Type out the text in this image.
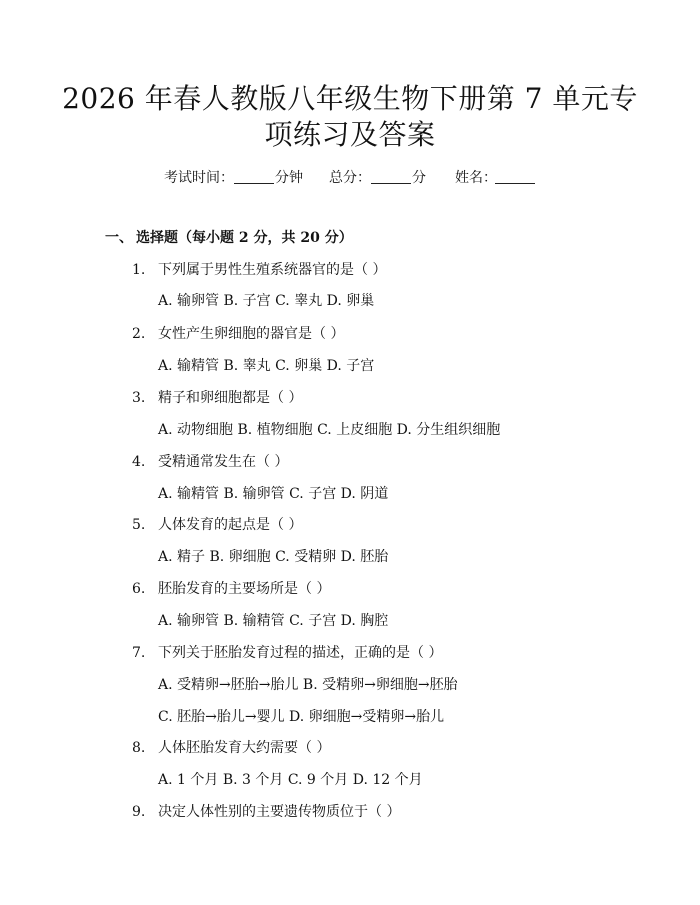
2026 年春人教版八年级生物下册第 7 单元专
项练习及答案
考试时间：	分钟 总分：	分 姓名：
一、 选择题（每小题 2 分，共 20 分）
1. 下列属于男性生殖系统器官的是（ ）
A. 输卵管 B. 子宫 C. 睾丸 D. 卵巢
2. 女性产生卵细胞的器官是（ ）
A. 输精管 B. 睾丸 C. 卵巢 D. 子宫
3. 精子和卵细胞都是（ ）
A. 动物细胞 B. 植物细胞 C. 上皮细胞 D. 分生组织细胞
4. 受精通常发生在（ ）
A. 输精管 B. 输卵管 C. 子宫 D. 阴道
5. 人体发育的起点是（ ）
A. 精子 B. 卵细胞 C. 受精卵 D. 胚胎
6. 胚胎发育的主要场所是（ ）
A. 输卵管 B. 输精管 C. 子宫 D. 胸腔
7. 下列关于胚胎发育过程的描述，正确的是（ ）
A. 受精卵→胚胎→胎儿 B. 受精卵→卵细胞→胚胎
C. 胚胎→胎儿→婴儿 D. 卵细胞→受精卵→胎儿
8. 人体胚胎发育大约需要（ ）
A. 1 个月 B. 3 个月 C. 9 个月 D. 12 个月
9. 决定人体性别的主要遗传物质位于（ ）
